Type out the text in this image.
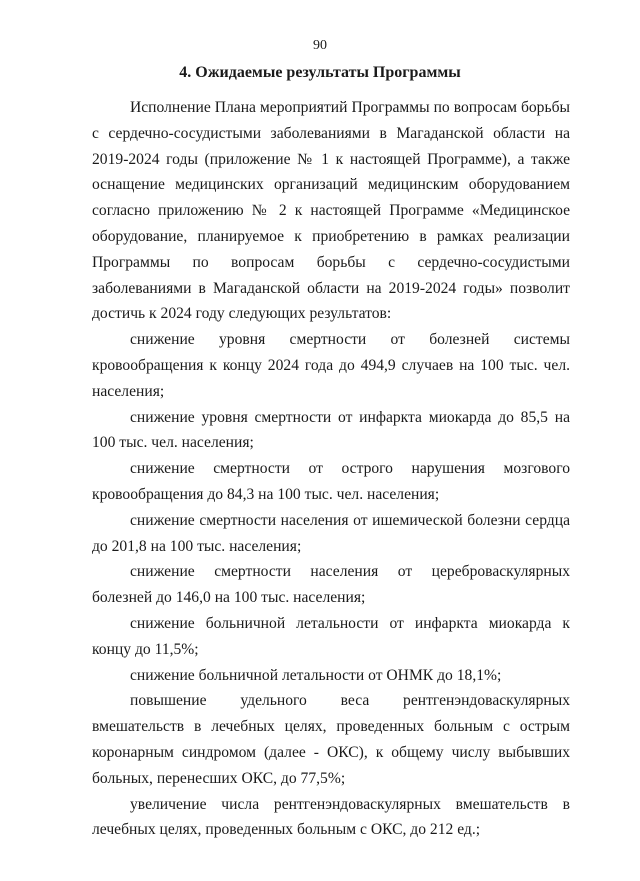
90
4. Ожидаемые результаты Программы

Исполнение Плана мероприятий Программы по вопросам борьбы с сердечно-сосудистыми заболеваниями в Магаданской области на 2019-2024 годы (приложение № 1 к настоящей Программе), а также оснащение медицинских организаций медицинским оборудованием согласно приложению № 2 к настоящей Программе «Медицинское оборудование, планируемое к приобретению в рамках реализации Программы по вопросам борьбы с сердечно-сосудистыми заболеваниями в Магаданской области на 2019-2024 годы» позволит достичь к 2024 году следующих результатов:

снижение уровня смертности от болезней системы кровообращения к концу 2024 года до 494,9 случаев на 100 тыс. чел. населения;

снижение уровня смертности от инфаркта миокарда до 85,5 на 100 тыс. чел. населения;

снижение смертности от острого нарушения мозгового кровообращения до 84,3 на 100 тыс. чел. населения;

снижение смертности населения от ишемической болезни сердца до 201,8 на 100 тыс. населения;

снижение смертности населения от цереброваскулярных болезней до 146,0 на 100 тыс. населения;

снижение больничной летальности от инфаркта миокарда к концу до 11,5%;

снижение больничной летальности от ОНМК до 18,1%;

повышение удельного веса рентгенэндоваскулярных вмешательств в лечебных целях, проведенных больным с острым коронарным синдромом (далее - ОКС), к общему числу выбывших больных, перенесших ОКС, до 77,5%;

увеличение числа рентгенэндоваскулярных вмешательств в лечебных целях, проведенных больным с ОКС, до 212 ед.;
